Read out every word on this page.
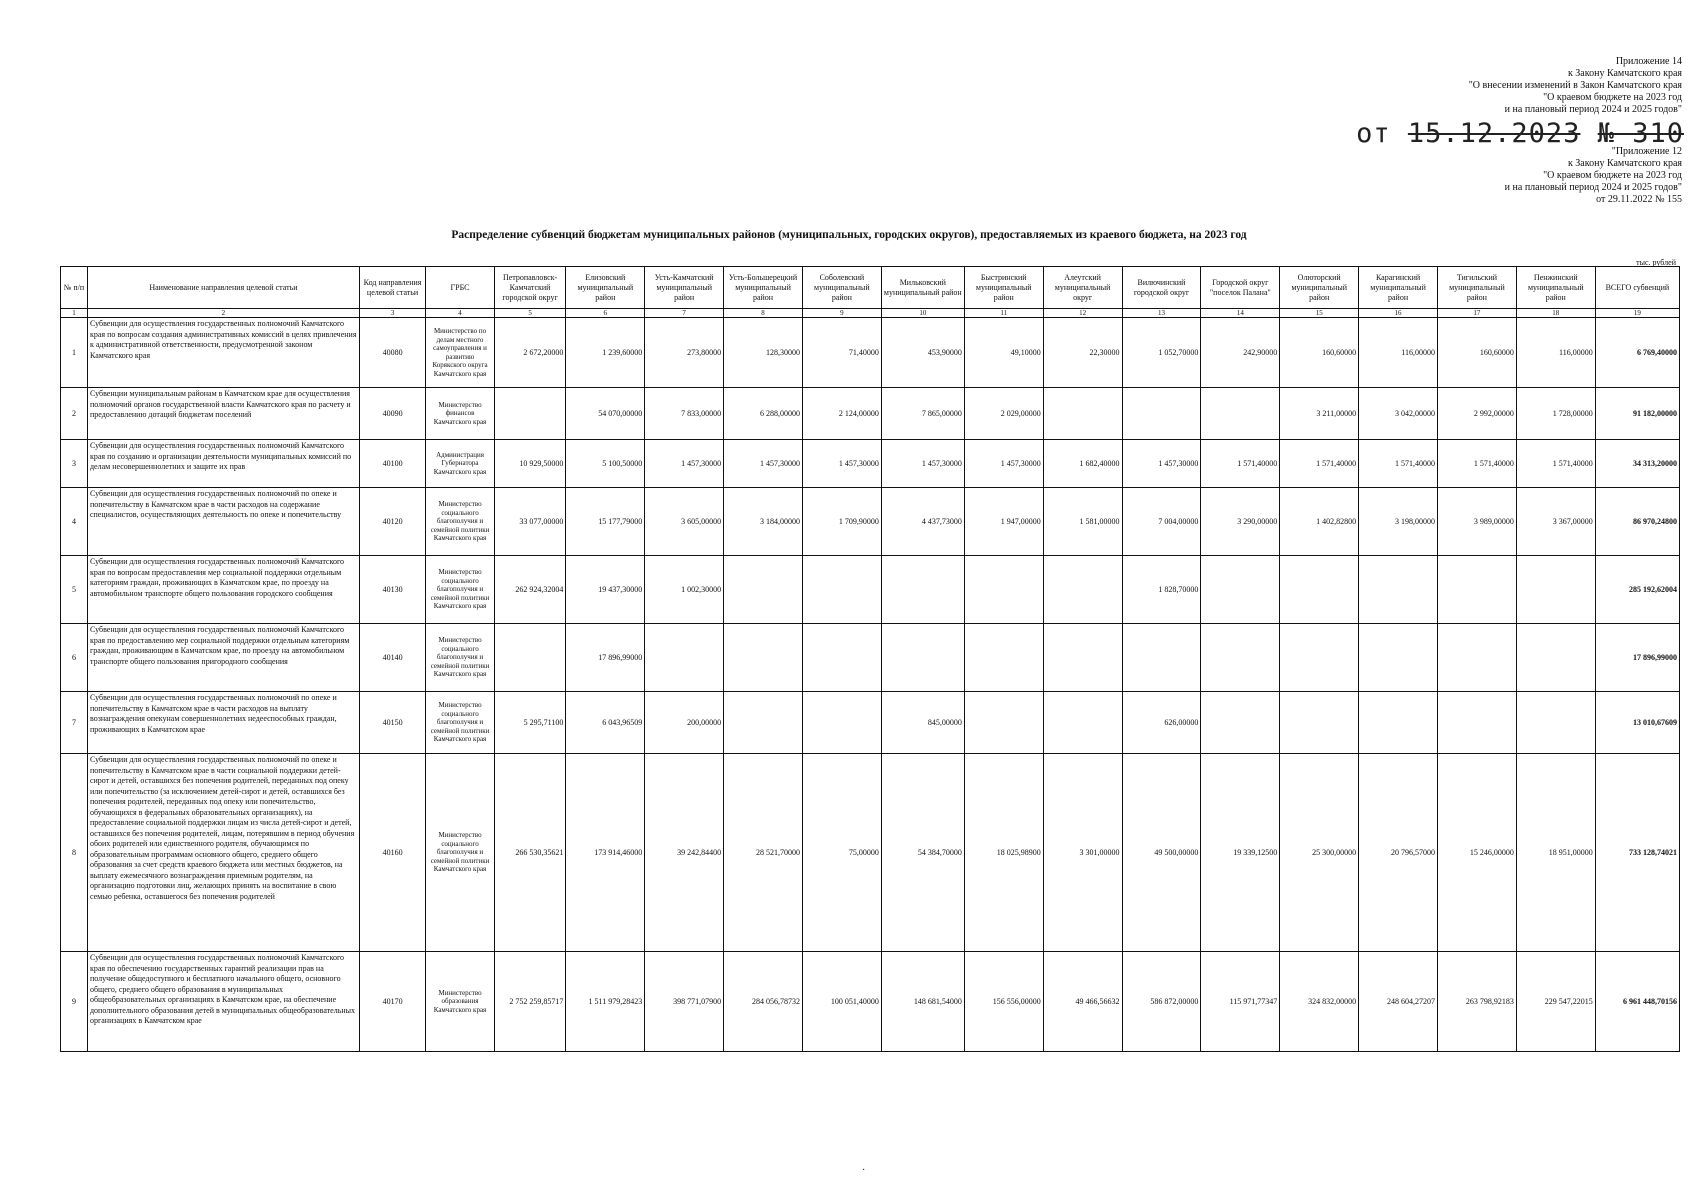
Приложение 14
к Закону Камчатского края
"О внесении изменений в Закон Камчатского края
"О краевом бюджете на 2023 год
и на плановый период 2024 и 2025 годов"
от 15.12.2023 № 310
"Приложение 12
к Закону Камчатского края
"О краевом бюджете на 2023 год
и на плановый период 2024 и 2025 годов"
от 29.11.2022 № 155
Распределение субвенций бюджетам муниципальных районов (муниципальных, городских округов), предоставляемых из краевого бюджета, на 2023 год
тыс. рублей
№ п/п	Наименование направления целевой статьи	Код направления целевой статьи	ГРБС	Петропавловск-Камчатский городской округ	Елизовский муниципальный район	Усть-Камчатский муниципальный район	Усть-Большерецкий муниципальный район	Соболевский муниципальный район	Мильковский муниципальный район	Быстринский муниципальный район	Алеутский муниципальный округ	Вилючинский городской округ	Городской округ "поселок Палана"	Олюторский муниципальный район	Карагинский муниципальный район	Тигильский муниципальный район	Пенжинский муниципальный район	ВСЕГО субвенций
1	2	3	4	5	6	7	8	9	10	11	12	13	14	15	16	17	18	19
1	Субвенции для осуществления государственных полномочий Камчатского края по вопросам создания административных комиссий в целях привлечения к административной ответственности, предусмотренной законом Камчатского края	40080	Министерство по делам местного самоуправления и развитию Корякского округа Камчатского края	2 672,20000	1 239,60000	273,80000	128,30000	71,40000	453,90000	49,10000	22,30000	1 052,70000	242,90000	160,60000	116,00000	160,60000	116,00000	6 769,40000
2	Субвенции муниципальным районам в Камчатском крае для осуществления полномочий органов государственной власти Камчатского края по расчету и предоставлению дотаций бюджетам поселений	40090	Министерство финансов Камчатского края		54 070,00000	7 833,00000	6 288,00000	2 124,00000	7 865,00000	2 029,00000				3 211,00000	3 042,00000	2 992,00000	1 728,00000	91 182,00000
3	Субвенции для осуществления государственных полномочий Камчатского края по созданию и организации деятельности муниципальных комиссий по делам несовершеннолетних и защите их прав	40100	Администрация Губернатора Камчатского края	10 929,50000	5 100,50000	1 457,30000	1 457,30000	1 457,30000	1 457,30000	1 457,30000	1 682,40000	1 457,30000	1 571,40000	1 571,40000	1 571,40000	1 571,40000	1 571,40000	34 313,20000
4	Субвенции для осуществления государственных полномочий по опеке и попечительству в Камчатском крае в части расходов на содержание специалистов, осуществляющих деятельность по опеке и попечительству	40120	Министерство социального благополучия и семейной политики Камчатского края	33 077,00000	15 177,79000	3 605,00000	3 184,00000	1 709,90000	4 437,73000	1 947,00000	1 581,00000	7 004,00000	3 290,00000	1 402,82800	3 198,00000	3 989,00000	3 367,00000	86 970,24800
5	Субвенции для осуществления государственных полномочий Камчатского края по вопросам предоставления мер социальной поддержки отдельным категориям граждан, проживающих в Камчатском крае, по проезду на автомобильном транспорте общего пользования городского сообщения	40130	Министерство социального благополучия и семейной политики Камчатского края	262 924,32004	19 437,30000	1 002,30000						1 828,70000						285 192,62004
6	Субвенции для осуществления государственных полномочий Камчатского края по предоставлению мер социальной поддержки отдельным категориям граждан, проживающим в Камчатском крае, по проезду на автомобильном транспорте общего пользования пригородного сообщения	40140	Министерство социального благополучия и семейной политики Камчатского края		17 896,99000													17 896,99000
7	Субвенции для осуществления государственных полномочий по опеке и попечительству в Камчатском крае в части расходов на выплату вознаграждения опекунам совершеннолетних недееспособных граждан, проживающих в Камчатском крае	40150	Министерство социального благополучия и семейной политики Камчатского края	5 295,71100	6 043,96509	200,00000			845,00000			626,00000						13 010,67609
8	Субвенции для осуществления государственных полномочий по опеке и попечительству в Камчатском крае в части социальной поддержки детей-сирот и детей, оставшихся без попечения родителей, переданных под опеку или попечительство (за исключением детей-сирот и детей, оставшихся без попечения родителей, переданных под опеку или попечительство, обучающихся в федеральных образовательных организациях), на предоставление социальной поддержки лицам из числа детей-сирот и детей, оставшихся без попечения родителей, лицам, потерявшим в период обучения обоих родителей или единственного родителя, обучающимся по образовательным программам основного общего, среднего общего образования за счет средств краевого бюджета или местных бюджетов, на выплату ежемесячного вознаграждения приемным родителям, на организацию подготовки лиц, желающих принять на воспитание в свою семью ребенка, оставшегося без попечения родителей	40160	Министерство социального благополучия и семейной политики Камчатского края	266 530,35621	173 914,46000	39 242,84400	28 521,70000	75,00000	54 384,70000	18 025,98900	3 301,00000	49 500,00000	19 339,12500	25 300,00000	20 796,57000	15 246,00000	18 951,00000	733 128,74021
9	Субвенции для осуществления государственных полномочий Камчатского края по обеспечению государственных гарантий реализации прав на получение общедоступного и бесплатного начального общего, основного общего, среднего общего образования в муниципальных общеобразовательных организациях в Камчатском крае, на обеспечение дополнительного образования детей в муниципальных общеобразовательных организациях в Камчатском крае	40170	Министерство образования Камчатского края	2 752 259,85717	1 511 979,28423	398 771,07900	284 056,78732	100 051,40000	148 681,54000	156 556,00000	49 466,56632	586 872,00000	115 971,77347	324 832,00000	248 604,27207	263 798,92183	229 547,22015	6 961 448,70156
·
